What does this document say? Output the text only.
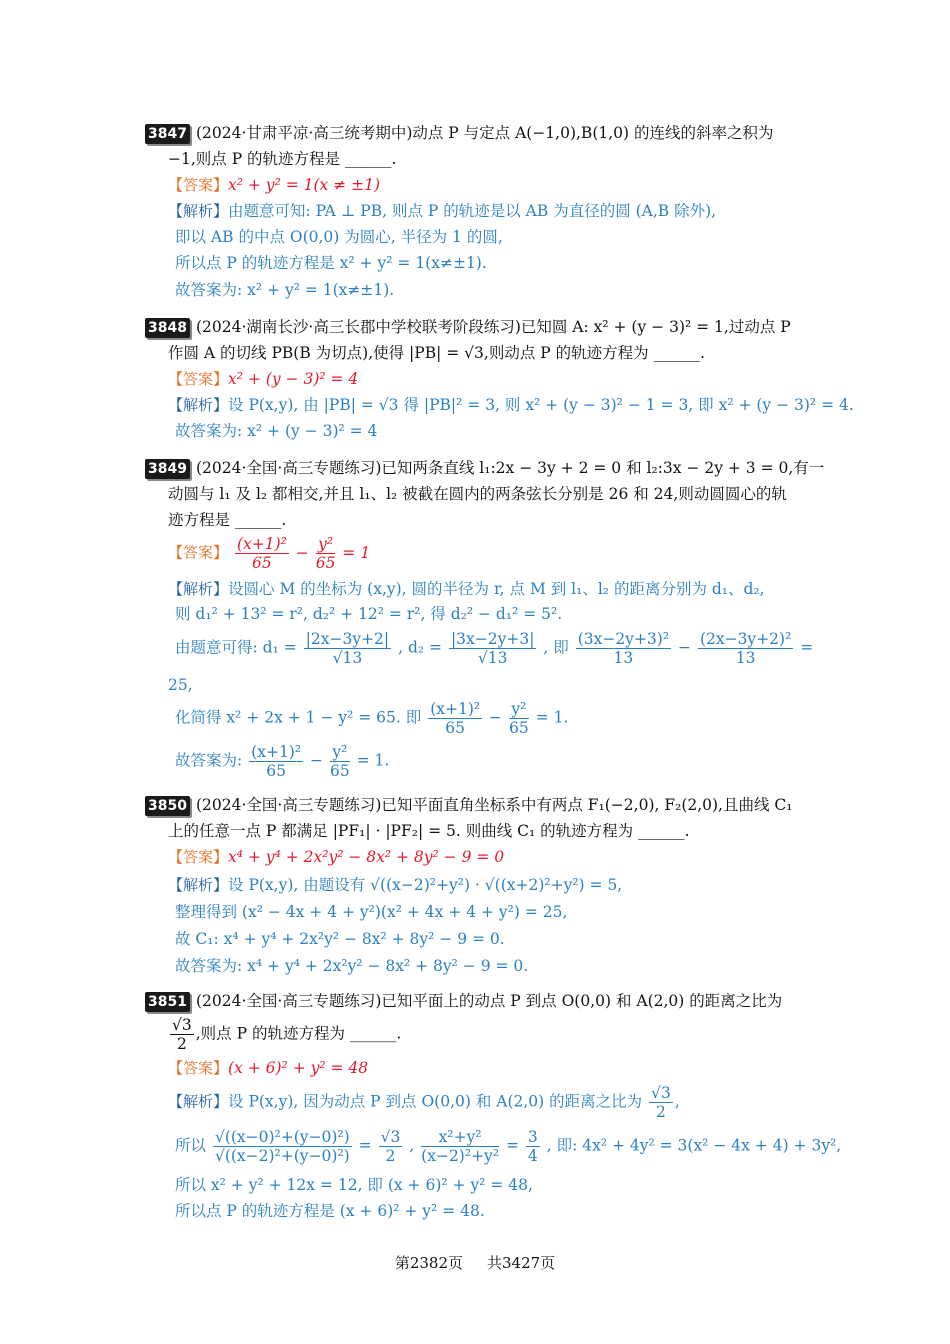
3847 (2024·甘肃平凉·高三统考期中)动点 P 与定点 A(−1,0),B(1,0) 的连线的斜率之积为
−1,则点 P 的轨迹方程是 ______.
【答案】x² + y² = 1(x ≠ ±1)
【解析】由题意可知: PA ⊥ PB, 则点 P 的轨迹是以 AB 为直径的圆 (A,B 除外),
即以 AB 的中点 O(0,0) 为圆心, 半径为 1 的圆,
所以点 P 的轨迹方程是 x² + y² = 1(x≠±1).
故答案为: x² + y² = 1(x≠±1).
3848 (2024·湖南长沙·高三长郡中学校联考阶段练习)已知圆 A: x² + (y − 3)² = 1,过动点 P
作圆 A 的切线 PB(B 为切点),使得 |PB| = √3,则动点 P 的轨迹方程为 ______.
【答案】x² + (y − 3)² = 4
【解析】设 P(x,y), 由 |PB| = √3 得 |PB|² = 3, 则 x² + (y − 3)² − 1 = 3, 即 x² + (y − 3)² = 4.
故答案为: x² + (y − 3)² = 4
3849 (2024·全国·高三专题练习)已知两条直线 l₁:2x − 3y + 2 = 0 和 l₂:3x − 2y + 3 = 0,有一
动圆与 l₁ 及 l₂ 都相交,并且 l₁、l₂ 被截在圆内的两条弦长分别是 26 和 24,则动圆圆心的轨
迹方程是 ______.
【答案】 $\frac{\text{(x+1)²}}{65} - \frac{\text{y²}}{65} = 1$
【解析】设圆心 M 的坐标为 (x,y), 圆的半径为 r, 点 M 到 l₁、l₂ 的距离分别为 d₁、d₂,
则 d₁² + 13² = r², d₂² + 12² = r², 得 d₂² − d₁² = 5².
由题意可得: $d_1 = \frac{|2x-3y+2|}{√13}$ , $d_2 = \frac{|3x-2y+3|}{√13}$ , 即 $\frac{\text{(3x−2y+3)²}}{13} - \frac{\text{(2x−3y+2)²}}{13}$ =
25,
化简得 x² + 2x + 1 − y² = 65. 即 $\frac{\text{(x+1)²}}{65} - \frac{\text{y²}}{65} = 1$.
故答案为: $\frac{\text{(x+1)²}}{65} - \frac{\text{y²}}{65} = 1$.
3850 (2024·全国·高三专题练习)已知平面直角坐标系中有两点 F₁(−2,0), F₂(2,0),且曲线 C₁
上的任意一点 P 都满足 |PF₁| · |PF₂| = 5. 则曲线 C₁ 的轨迹方程为 ______.
【答案】x⁴ + y⁴ + 2x²y² − 8x² + 8y² − 9 = 0
【解析】设 P(x,y), 由题设有 √((x−2)²+y²) · √((x+2)²+y²) = 5,
整理得到 (x² − 4x + 4 + y²)(x² + 4x + 4 + y²) = 25,
故 C₁: x⁴ + y⁴ + 2x²y² − 8x² + 8y² − 9 = 0.
故答案为: x⁴ + y⁴ + 2x²y² − 8x² + 8y² − 9 = 0.
3851 (2024·全国·高三专题练习)已知平面上的动点 P 到点 O(0,0) 和 A(2,0) 的距离之比为
$\frac{√3}{2}$ ,则点 P 的轨迹方程为 ______.
【答案】(x + 6)² + y² = 48
【解析】设 P(x,y), 因为动点 P 到点 O(0,0) 和 A(2,0) 的距离之比为 $\frac{√3}{2}$ ,
所以 $\frac{\text{√((x−0)²+(y−0)²)}}{\text{√((x−2)²+(y−0)²)}} = \frac{√3}{2}$ , $\frac{\text{x²+y²}}{\text{(x−2)²+y²}} = \frac{3}{4}$ , 即: 4x² + 4y² = 3(x² − 4x + 4) + 3y²,
所以 x² + y² + 12x = 12, 即 (x + 6)² + y² = 48,
所以点 P 的轨迹方程是 (x + 6)² + y² = 48.
第2382页 共3427页
